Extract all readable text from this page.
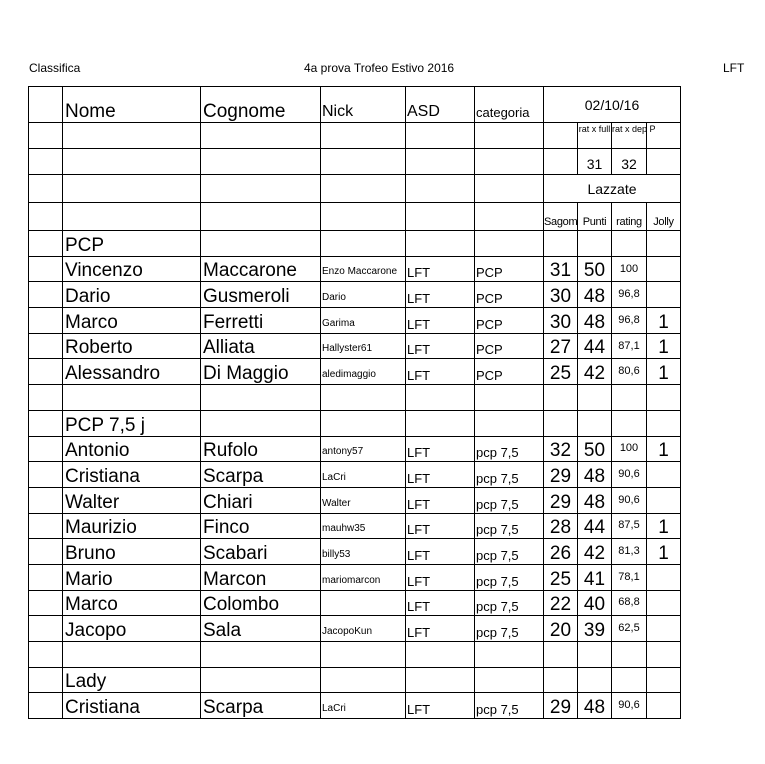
Classifica	4a prova Trofeo Estivo 2016	LFT
	Nome	Cognome	Nick	ASD	categoria	02/10/16			
							rat x full	rat x dep P	
							31	32	
						Lazzate			
						Sagom	Punti	rating	Jolly
	PCP								
	Vincenzo	Maccarone	Enzo Maccarone	LFT	PCP	31	50	100	
	Dario	Gusmeroli	Dario	LFT	PCP	30	48	96,8	
	Marco	Ferretti	Garima	LFT	PCP	30	48	96,8	1
	Roberto	Alliata	Hallyster61	LFT	PCP	27	44	87,1	1
	Alessandro	Di Maggio	aledimaggio	LFT	PCP	25	42	80,6	1

	PCP 7,5 j								
	Antonio	Rufolo	antony57	LFT	pcp 7,5	32	50	100	1
	Cristiana	Scarpa	LaCri	LFT	pcp 7,5	29	48	90,6	
	Walter	Chiari	Walter	LFT	pcp 7,5	29	48	90,6	
	Maurizio	Finco	mauhw35	LFT	pcp 7,5	28	44	87,5	1
	Bruno	Scabari	billy53	LFT	pcp 7,5	26	42	81,3	1
	Mario	Marcon	mariomarcon	LFT	pcp 7,5	25	41	78,1	
	Marco	Colombo		LFT	pcp 7,5	22	40	68,8	
	Jacopo	Sala	JacopoKun	LFT	pcp 7,5	20	39	62,5	

	Lady								
	Cristiana	Scarpa	LaCri	LFT	pcp 7,5	29	48	90,6	
